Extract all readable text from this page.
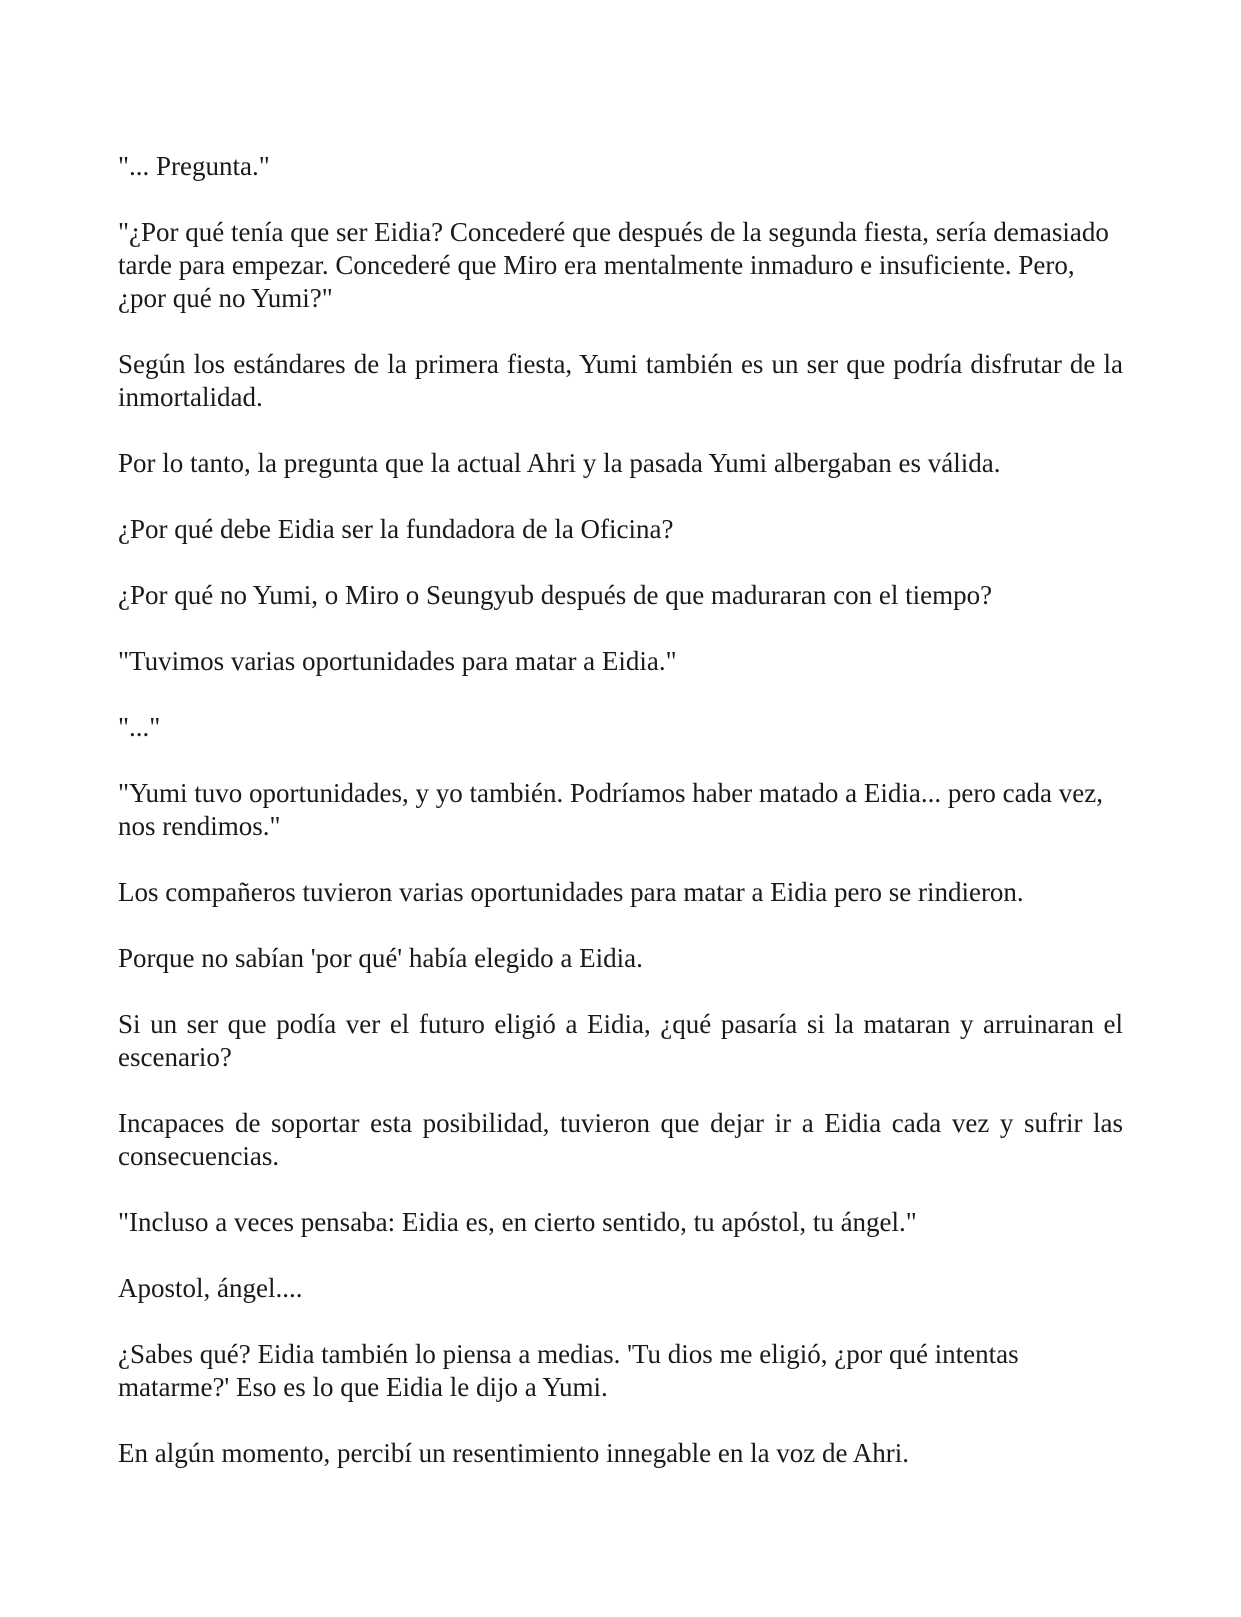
"... Pregunta."

"¿Por qué tenía que ser Eidia? Concederé que después de la segunda fiesta, sería demasiado tarde para empezar. Concederé que Miro era mentalmente inmaduro e insuficiente. Pero, ¿por qué no Yumi?"

Según los estándares de la primera fiesta, Yumi también es un ser que podría disfrutar de la inmortalidad.

Por lo tanto, la pregunta que la actual Ahri y la pasada Yumi albergaban es válida.

¿Por qué debe Eidia ser la fundadora de la Oficina?

¿Por qué no Yumi, o Miro o Seungyub después de que maduraran con el tiempo?

"Tuvimos varias oportunidades para matar a Eidia."

"..."

"Yumi tuvo oportunidades, y yo también. Podríamos haber matado a Eidia... pero cada vez, nos rendimos."

Los compañeros tuvieron varias oportunidades para matar a Eidia pero se rindieron.

Porque no sabían 'por qué' había elegido a Eidia.

Si un ser que podía ver el futuro eligió a Eidia, ¿qué pasaría si la mataran y arruinaran el escenario?

Incapaces de soportar esta posibilidad, tuvieron que dejar ir a Eidia cada vez y sufrir las consecuencias.

"Incluso a veces pensaba: Eidia es, en cierto sentido, tu apóstol, tu ángel."

Apostol, ángel....

¿Sabes qué? Eidia también lo piensa a medias. 'Tu dios me eligió, ¿por qué intentas matarme?' Eso es lo que Eidia le dijo a Yumi.

En algún momento, percibí un resentimiento innegable en la voz de Ahri.
